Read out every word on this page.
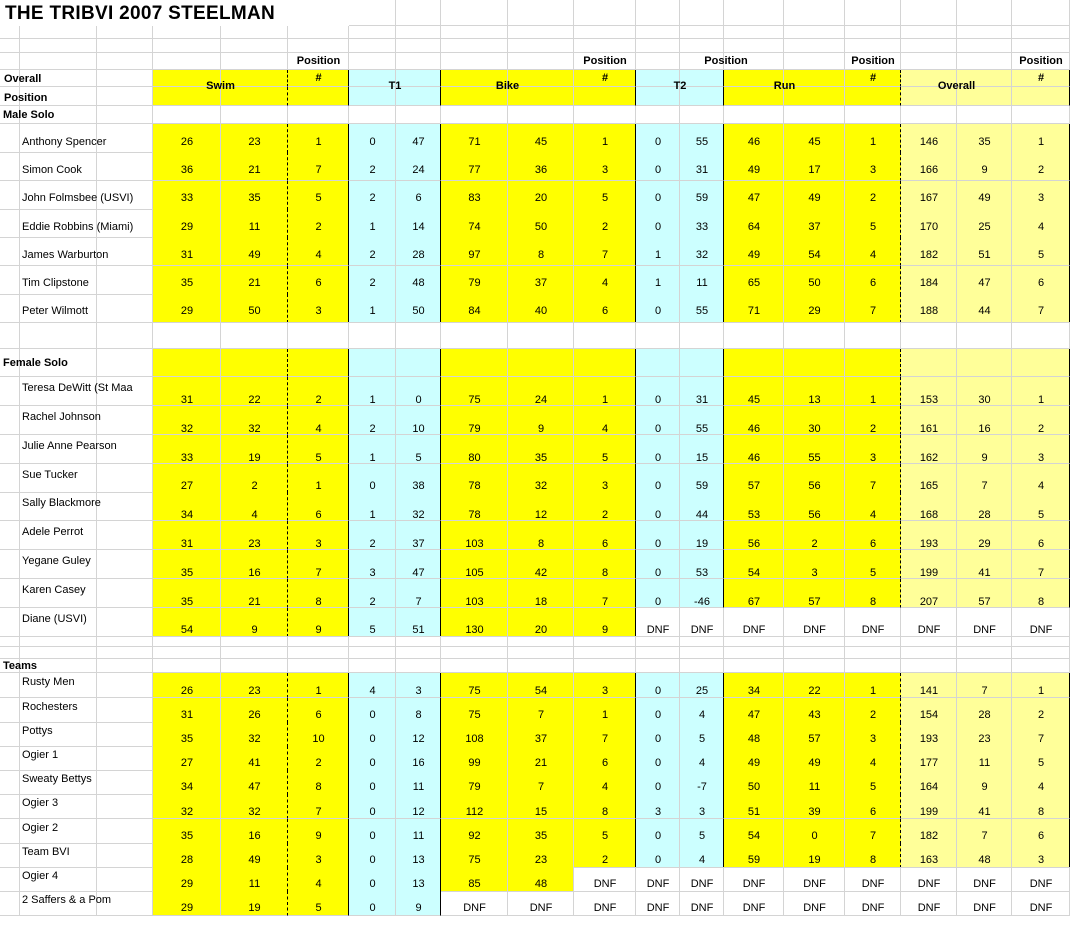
THE TRIBVI 2007 STEELMAN
Position	Position	Position	Position	Position
Overall
Position
Swim	T1	Bike	T2	Run	Overall
#	#	#	#
Male Solo
Anthony Spencer	26	23	1	0	47	71	45	1	0	55	46	45	1	146	35	1
Simon Cook	36	21	7	2	24	77	36	3	0	31	49	17	3	166	9	2
John Folmsbee (USVI)	33	35	5	2	6	83	20	5	0	59	47	49	2	167	49	3
Eddie Robbins (Miami)	29	11	2	1	14	74	50	2	0	33	64	37	5	170	25	4
James Warburton	31	49	4	2	28	97	8	7	1	32	49	54	4	182	51	5
Tim Clipstone	35	21	6	2	48	79	37	4	1	11	65	50	6	184	47	6
Peter Wilmott	29	50	3	1	50	84	40	6	0	55	71	29	7	188	44	7
Female Solo
Teresa DeWitt (St Maa
31	22	2	1	0	75	24	1	0	31	45	13	1	153	30	1
Rachel Johnson
32	32	4	2	10	79	9	4	0	55	46	30	2	161	16	2
Julie Anne Pearson
33	19	5	1	5	80	35	5	0	15	46	55	3	162	9	3
Sue Tucker
27	2	1	0	38	78	32	3	0	59	57	56	7	165	7	4
Sally Blackmore
34	4	6	1	32	78	12	2	0	44	53	56	4	168	28	5
Adele Perrot
31	23	3	2	37	103	8	6	0	19	56	2	6	193	29	6
Yegane Guley
35	16	7	3	47	105	42	8	0	53	54	3	5	199	41	7
Karen Casey
35	21	8	2	7	103	18	7	0	-46	67	57	8	207	57	8
Diane (USVI)
54	9	9	5	51	130	20	9	DNF	DNF	DNF	DNF	DNF	DNF	DNF	DNF
Teams
Rusty Men
26	23	1	4	3	75	54	3	0	25	34	22	1	141	7	1
Rochesters
31	26	6	0	8	75	7	1	0	4	47	43	2	154	28	2
Pottys
35	32	10	0	12	108	37	7	0	5	48	57	3	193	23	7
Ogier 1
27	41	2	0	16	99	21	6	0	4	49	49	4	177	11	5
Sweaty Bettys
34	47	8	0	11	79	7	4	0	-7	50	11	5	164	9	4
Ogier 3
32	32	7	0	12	112	15	8	3	3	51	39	6	199	41	8
Ogier 2
35	16	9	0	11	92	35	5	0	5	54	0	7	182	7	6
Team BVI
28	49	3	0	13	75	23	2	0	4	59	19	8	163	48	3
Ogier 4
29	11	4	0	13	85	48	DNF	DNF	DNF	DNF	DNF	DNF	DNF	DNF	DNF
2 Saffers & a Pom
29	19	5	0	9	DNF	DNF	DNF	DNF	DNF	DNF	DNF	DNF	DNF	DNF	DNF
